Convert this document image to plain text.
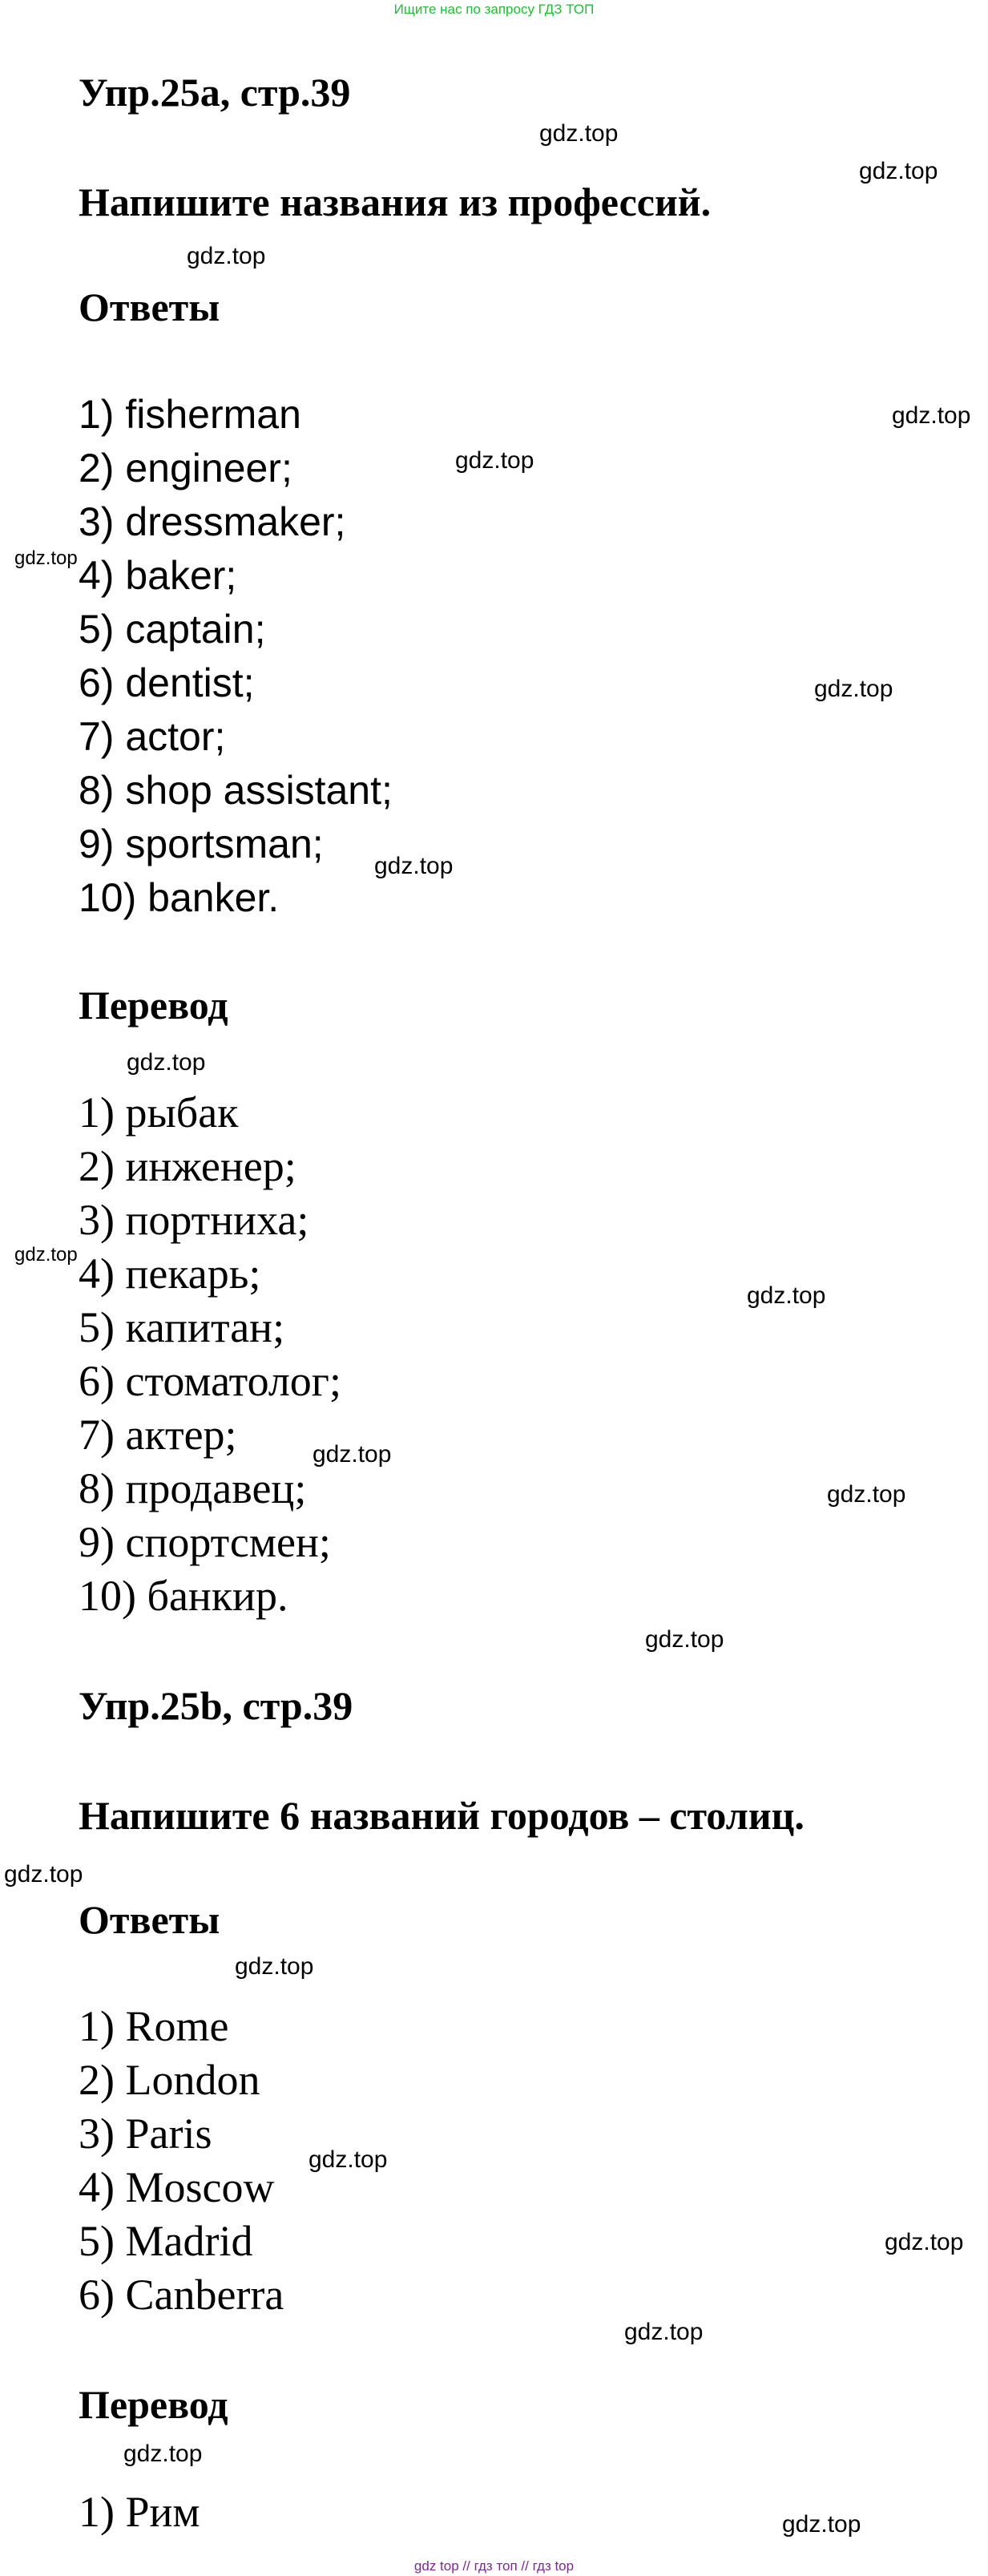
Ищите нас по запросу ГДЗ ТОП
Упр.25a, стр.39
Напишите названия из профессий.
Ответы
1) fisherman
2) engineer;
3) dressmaker;
4) baker;
5) captain;
6) dentist;
7) actor;
8) shop assistant;
9) sportsman;
10) banker.
Перевод
1) рыбак
2) инженер;
3) портниха;
4) пекарь;
5) капитан;
6) стоматолог;
7) актер;
8) продавец;
9) спортсмен;
10) банкир.
Упр.25b, стр.39
Напишите 6 названий городов – столиц.
Ответы
1) Rome
2) London
3) Paris
4) Moscow
5) Madrid
6) Canberra
Перевод
1) Рим
gdz.top
gdz.top
gdz.top
gdz.top
gdz.top
gdz.top
gdz.top
gdz.top
gdz.top
gdz.top
gdz.top
gdz.top
gdz.top
gdz.top
gdz.top
gdz.top
gdz.top
gdz.top
gdz.top
gdz.top
gdz.top
gdz top // гдз топ // гдз top
